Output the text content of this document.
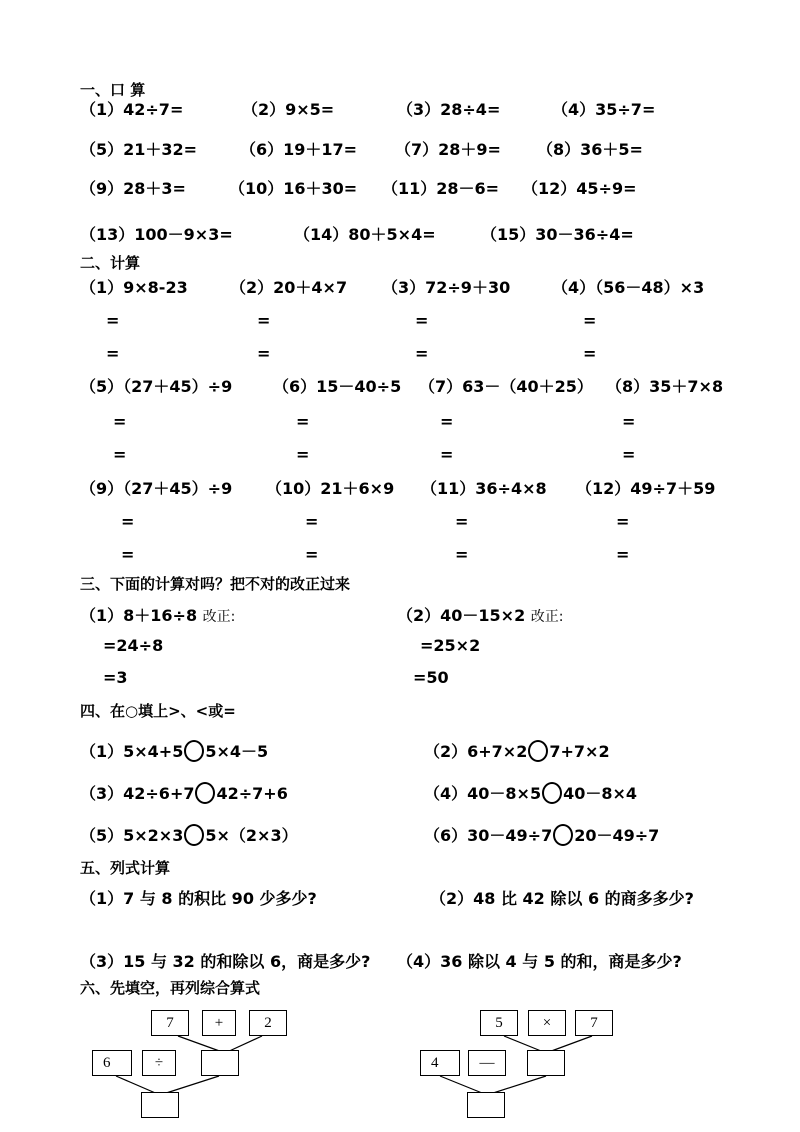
一、口 算
（1）42÷7=	（2）9×5=	（3）28÷4=	（4）35÷7=
（5）21＋32=	（6）19＋17= （7）28＋9= （8）36＋5=
（9）28＋3=	（10）16＋30= （11）28－6= （12）45÷9=
（13）100－9×3=	（14）80＋5×4=	（15）30－36÷4=
二、计算
（1）9×8-23	（2）20＋4×7 （3）72÷9＋30	（4）（56－48）×3
=	=	=	=
=	=	=	=
（5）（27＋45）÷9	（6）15－40÷5 （7）63－（40＋25） （8）35＋7×8
=	=	=	=
=	=	=	=
（9）（27＋45）÷9 （10）21＋6×9 （11）36÷4×8 （12）49÷7＋59
=	=	=	=
=	=	=	=
三、下面的计算对吗？把不对的改正过来
（1）8＋16÷8 改正:
=24÷8
=3
（2）40－15×2 改正:
=25×2
=50
四、在○填上>、<或=
（1）5×4+5 5×4－5	（2）6+7×2 7+7×2
（3）42÷6+7 42÷7+6	（4）40－8×5 40－8×4
（5）5×2×3 5×（2×3）	（6）30－49÷7 20－49÷7
五、列式计算
（1）7 与 8 的积比 90 少多少?	（2）48 比 42 除以 6 的商多多少?
（3）15 与 32 的和除以 6，商是多少? （4）36 除以 4 与 5 的和，商是多少?
六、先填空，再列综合算式
7	+	2
6	÷
5	×	7
4	—
